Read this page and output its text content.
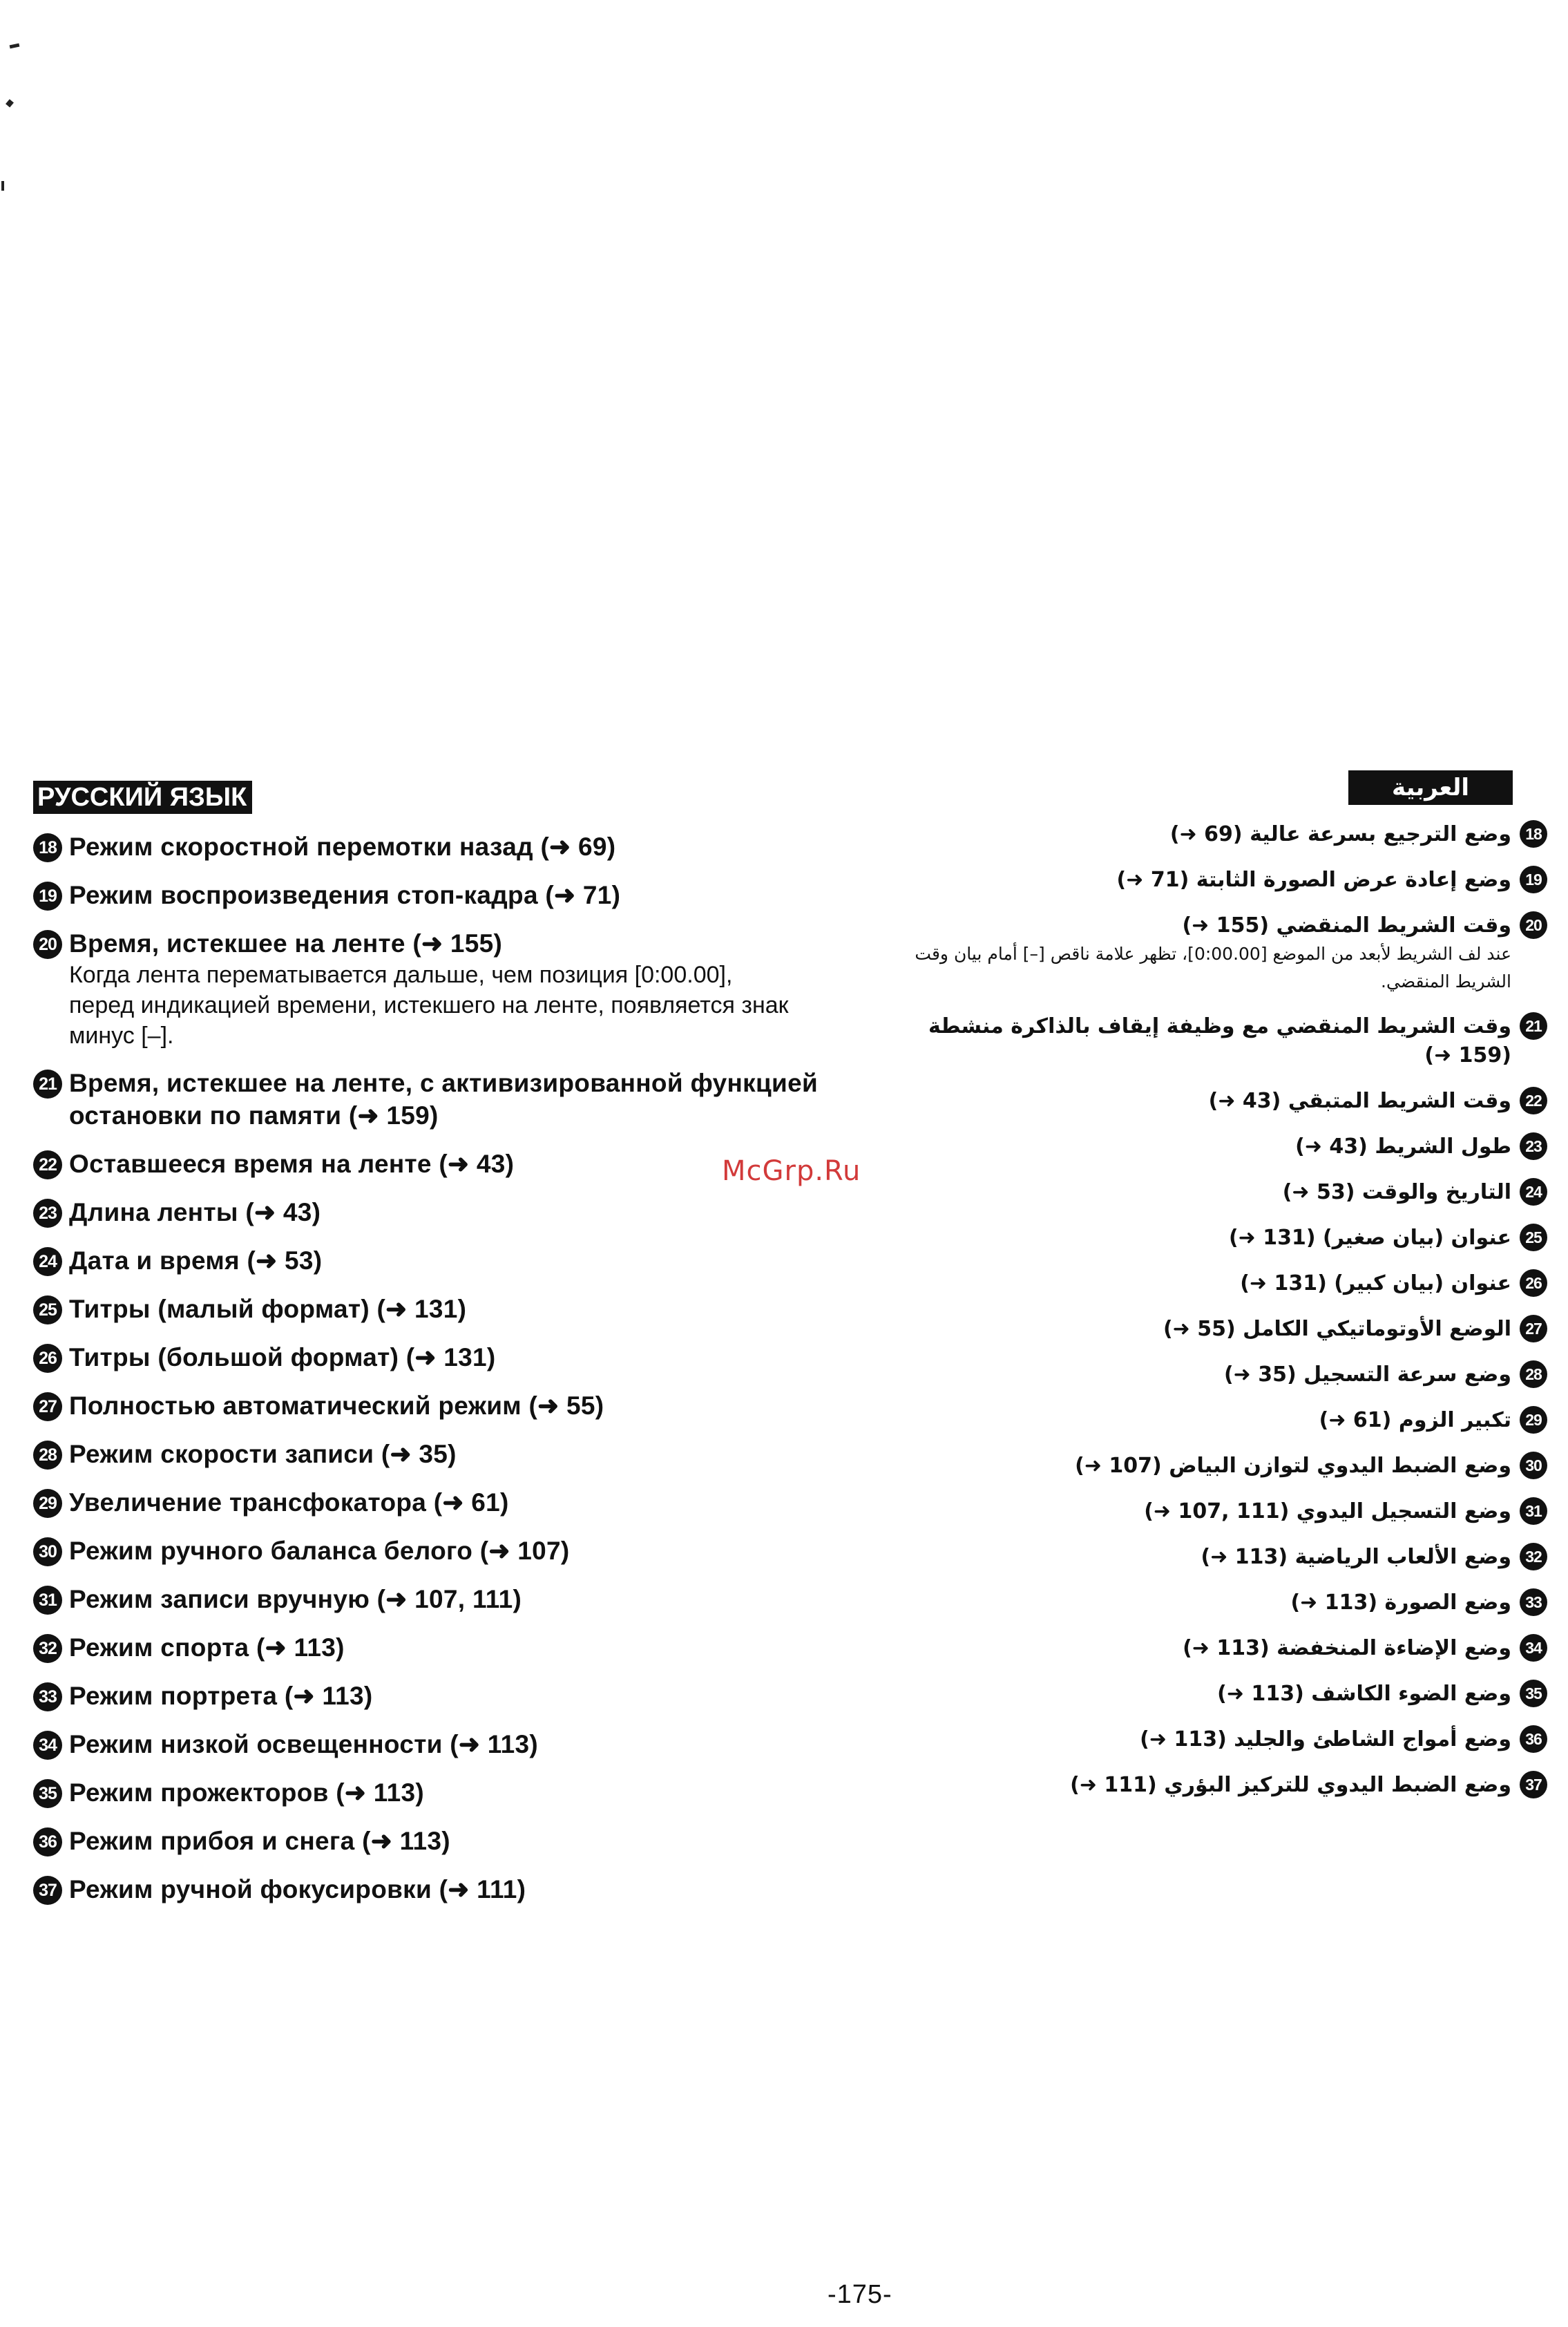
РУССКИЙ ЯЗЫК
18 Режим скоростной перемотки назад (➜ 69)
19 Режим воспроизведения стоп-кадра (➜ 71)
20 Время, истекшее на ленте (➜ 155)
Когда лента перематывается дальше, чем позиция [0:00.00], перед индикацией времени, истекшего на ленте, появляется знак минус [–].
21 Время, истекшее на ленте, с активизированной функцией остановки по памяти (➜ 159)
22 Оставшееся время на ленте (➜ 43)
23 Длина ленты (➜ 43)
24 Дата и время (➜ 53)
25 Титры (малый формат) (➜ 131)
26 Титры (большой формат) (➜ 131)
27 Полностью автоматический режим (➜ 55)
28 Режим скорости записи (➜ 35)
29 Увеличение трансфокатора (➜ 61)
30 Режим ручного баланса белого (➜ 107)
31 Режим записи вручную (➜ 107, 111)
32 Режим спорта (➜ 113)
33 Режим портрета (➜ 113)
34 Режим низкой освещенности (➜ 113)
35 Режим прожекторов (➜ 113)
36 Режим прибоя и снега (➜ 113)
37 Режим ручной фокусировки (➜ 111)
McGrp.Ru
العربية
18
وضع الترجيع بسرعة عالية (➜ 69)
19
وضع إعادة عرض الصورة الثابتة (➜ 71)
20
وقت الشريط المنقضي (➜ 155)
عند لف الشريط لأبعد من الموضع [0:00.00]، تظهر علامة ناقص [–] أمام بيان وقت الشريط المنقضي.
21
وقت الشريط المنقضي مع وظيفة إيقاف بالذاكرة منشطة (➜ 159)
22
وقت الشريط المتبقي (➜ 43)
23
طول الشريط (➜ 43)
24
التاريخ والوقت (➜ 53)
25
عنوان (بيان صغير) (➜ 131)
26
عنوان (بيان كبير) (➜ 131)
27
الوضع الأوتوماتيكي الكامل (➜ 55)
28
وضع سرعة التسجيل (➜ 35)
29
تكبير الزوم (➜ 61)
30
وضع الضبط اليدوي لتوازن البياض (➜ 107)
31
وضع التسجيل اليدوي (➜ 107, 111)
32
وضع الألعاب الرياضية (➜ 113)
33
وضع الصورة (➜ 113)
34
وضع الإضاءة المنخفضة (➜ 113)
35
وضع الضوء الكاشف (➜ 113)
36
وضع أمواج الشاطئ والجليد (➜ 113)
37
وضع الضبط اليدوي للتركيز البؤري (➜ 111)
-175-
